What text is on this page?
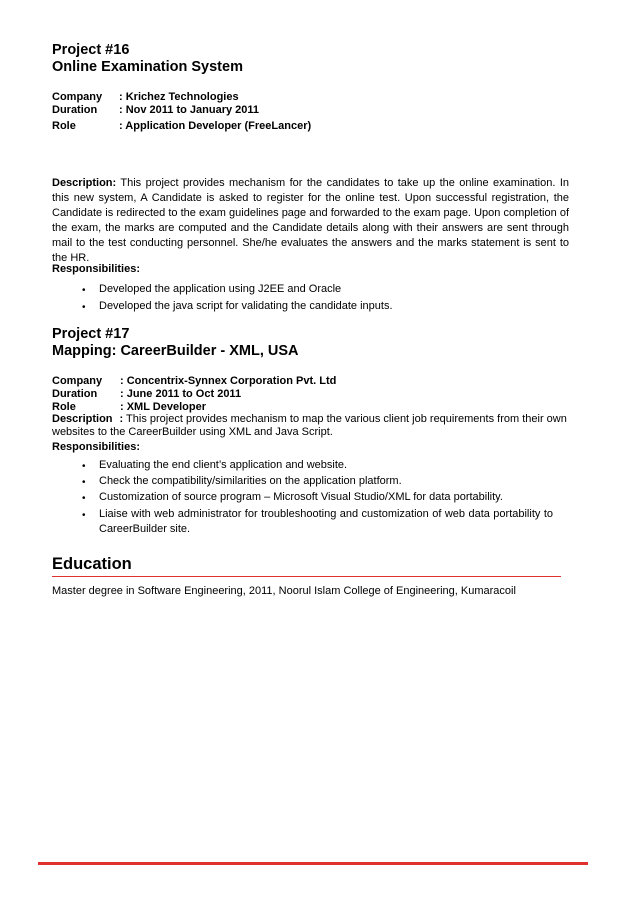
Project #16
Online Examination System
Company : Krichez Technologies
Duration : Nov 2011 to January 2011
Role	: Application Developer (FreeLancer)
Description: This project provides mechanism for the candidates to take up the online examination. In this new system, A Candidate is asked to register for the online test. Upon successful registration, the Candidate is redirected to the exam guidelines page and forwarded to the exam page. Upon completion of the exam, the marks are computed and the Candidate details along with their answers are sent through mail to the test conducting personnel. She/he evaluates the answers and the marks statement is sent to the HR.
Responsibilities:
• Developed the application using J2EE and Oracle
• Developed the java script for validating the candidate inputs.
Project #17
Mapping: CareerBuilder - XML, USA
Company : Concentrix-Synnex Corporation Pvt. Ltd
Duration : June 2011 to Oct 2011
Role	: XML Developer
Description : This project provides mechanism to map the various client job requirements from their own websites to the CareerBuilder using XML and Java Script.
Responsibilities:
• Evaluating the end client’s application and website.
• Check the compatibility/similarities on the application platform.
• Customization of source program – Microsoft Visual Studio/XML for data portability.
• Liaise with web administrator for troubleshooting and customization of web data portability to CareerBuilder site.
Education
Master degree in Software Engineering, 2011, Noorul Islam College of Engineering, Kumaracoil
